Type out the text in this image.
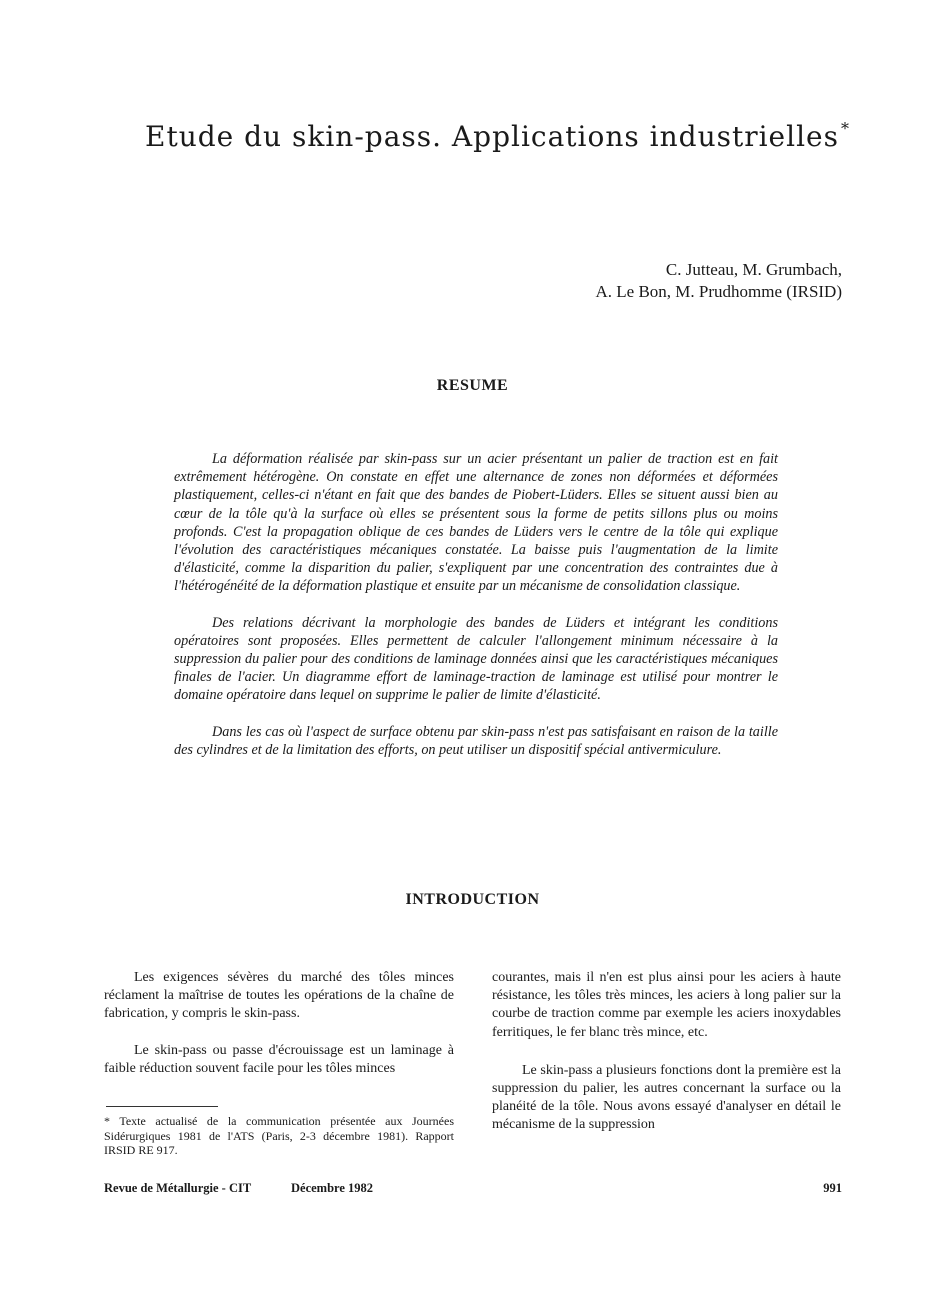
Etude du skin-pass. Applications industrielles *
C. Jutteau, M. Grumbach,
A. Le Bon, M. Prudhomme (IRSID)
RESUME

La déformation réalisée par skin-pass sur un acier présentant un palier de traction est en fait extrêmement hétérogène. On constate en effet une alternance de zones non déformées et déformées plastiquement, celles-ci n'étant en fait que des bandes de Piobert-Lüders. Elles se situent aussi bien au cœur de la tôle qu'à la surface où elles se présentent sous la forme de petits sillons plus ou moins profonds. C'est la propagation oblique de ces bandes de Lüders vers le centre de la tôle qui explique l'évolution des caractéristiques mécaniques constatée. La baisse puis l'augmentation de la limite d'élasticité, comme la disparition du palier, s'expliquent par une concentration des contraintes due à l'hétérogénéité de la déformation plastique et ensuite par un mécanisme de consolidation classique.

Des relations décrivant la morphologie des bandes de Lüders et intégrant les conditions opératoires sont proposées. Elles permettent de calculer l'allongement minimum nécessaire à la suppression du palier pour des conditions de laminage données ainsi que les caractéristiques mécaniques finales de l'acier. Un diagramme effort de laminage-traction de laminage est utilisé pour montrer le domaine opératoire dans lequel on supprime le palier de limite d'élasticité.

Dans les cas où l'aspect de surface obtenu par skin-pass n'est pas satisfaisant en raison de la taille des cylindres et de la limitation des efforts, on peut utiliser un dispositif spécial antivermiculure.

INTRODUCTION

Les exigences sévères du marché des tôles minces réclament la maîtrise de toutes les opérations de la chaîne de fabrication, y compris le skin-pass.

Le skin-pass ou passe d'écrouissage est un laminage à faible réduction souvent facile pour les tôles minces

courantes, mais il n'en est plus ainsi pour les aciers à haute résistance, les tôles très minces, les aciers à long palier sur la courbe de traction comme par exemple les aciers inoxydables ferritiques, le fer blanc très mince, etc.

Le skin-pass a plusieurs fonctions dont la première est la suppression du palier, les autres concernant la surface ou la planéité de la tôle. Nous avons essayé d'analyser en détail le mécanisme de la suppression

* Texte actualisé de la communication présentée aux Journées Sidérurgiques 1981 de l'ATS (Paris, 2-3 décembre 1981). Rapport IRSID RE 917.
Revue de Métallurgie - CIT	Décembre 1982	991
